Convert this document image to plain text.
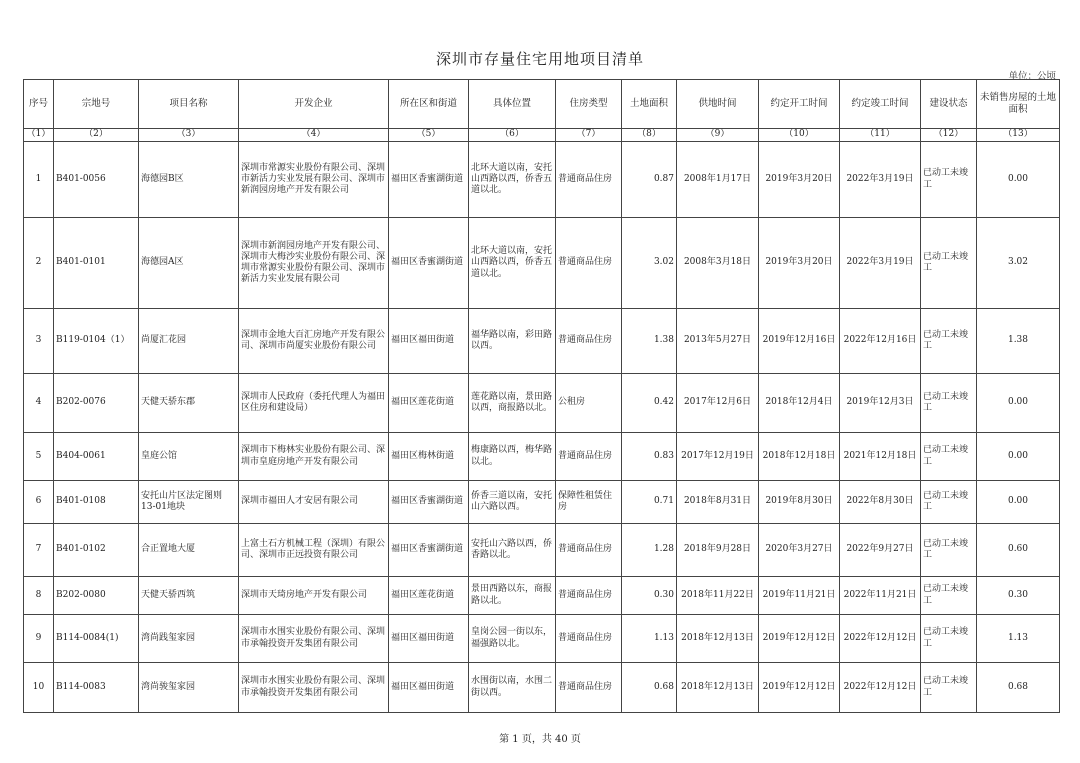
深圳市存量住宅用地项目清单
单位：公顷
序号	宗地号	项目名称	开发企业	所在区和街道	具体位置	住房类型	土地面积	供地时间	约定开工时间	约定竣工时间	建设状态	未销售房屋的土地面积
（1）	（2）	（3）	（4）	（5）	（6）	（7）	（8）	（9）	（10）	（11）	（12）	（13）
1	B401-0056	海德园B区	深圳市常源实业股份有限公司、深圳市新活力实业发展有限公司、深圳市新润园房地产开发有限公司	福田区香蜜湖街道	北环大道以南，安托山西路以西，侨香五道以北。	普通商品住房	0.87	2008年1月17日	2019年3月20日	2022年3月19日	已动工未竣工	0.00
2	B401-0101	海德园A区	深圳市新润园房地产开发有限公司、深圳市大梅沙实业股份有限公司、深圳市常源实业股份有限公司、深圳市新活力实业发展有限公司	福田区香蜜湖街道	北环大道以南，安托山西路以西，侨香五道以北。	普通商品住房	3.02	2008年3月18日	2019年3月20日	2022年3月19日	已动工未竣工	3.02
3	B119-0104（1）	尚厦汇花园	深圳市金地大百汇房地产开发有限公司、深圳市尚厦实业股份有限公司	福田区福田街道	福华路以南，彩田路以西。	普通商品住房	1.38	2013年5月27日	2019年12月16日	2022年12月16日	已动工未竣工	1.38
4	B202-0076	天健天骄东郡	深圳市人民政府（委托代理人为福田区住房和建设局）	福田区莲花街道	莲花路以南，景田路以西，商报路以北。	公租房	0.42	2017年12月6日	2018年12月4日	2019年12月3日	已动工未竣工	0.00
5	B404-0061	皇庭公馆	深圳市下梅林实业股份有限公司、深圳市皇庭房地产开发有限公司	福田区梅林街道	梅康路以西，梅华路以北。	普通商品住房	0.83	2017年12月19日	2018年12月18日	2021年12月18日	已动工未竣工	0.00
6	B401-0108	安托山片区法定图则13-01地块	深圳市福田人才安居有限公司	福田区香蜜湖街道	侨香三道以南，安托山六路以西。	保障性租赁住房	0.71	2018年8月31日	2019年8月30日	2022年8月30日	已动工未竣工	0.00
7	B401-0102	合正置地大厦	上富土石方机械工程（深圳）有限公司、深圳市正远投资有限公司	福田区香蜜湖街道	安托山六路以西，侨香路以北。	普通商品住房	1.28	2018年9月28日	2020年3月27日	2022年9月27日	已动工未竣工	0.60
8	B202-0080	天健天骄西筑	深圳市天琦房地产开发有限公司	福田区莲花街道	景田西路以东，商报路以北。	普通商品住房	0.30	2018年11月22日	2019年11月21日	2022年11月21日	已动工未竣工	0.30
9	B114-0084(1)	湾尚践玺家园	深圳市水围实业股份有限公司、深圳市承翰投资开发集团有限公司	福田区福田街道	皇岗公园一街以东，福强路以北。	普通商品住房	1.13	2018年12月13日	2019年12月12日	2022年12月12日	已动工未竣工	1.13
10	B114-0083	湾尚骏玺家园	深圳市水围实业股份有限公司、深圳市承翰投资开发集团有限公司	福田区福田街道	水围街以南，水围二街以西。	普通商品住房	0.68	2018年12月13日	2019年12月12日	2022年12月12日	已动工未竣工	0.68
第 1 页，共 40 页
